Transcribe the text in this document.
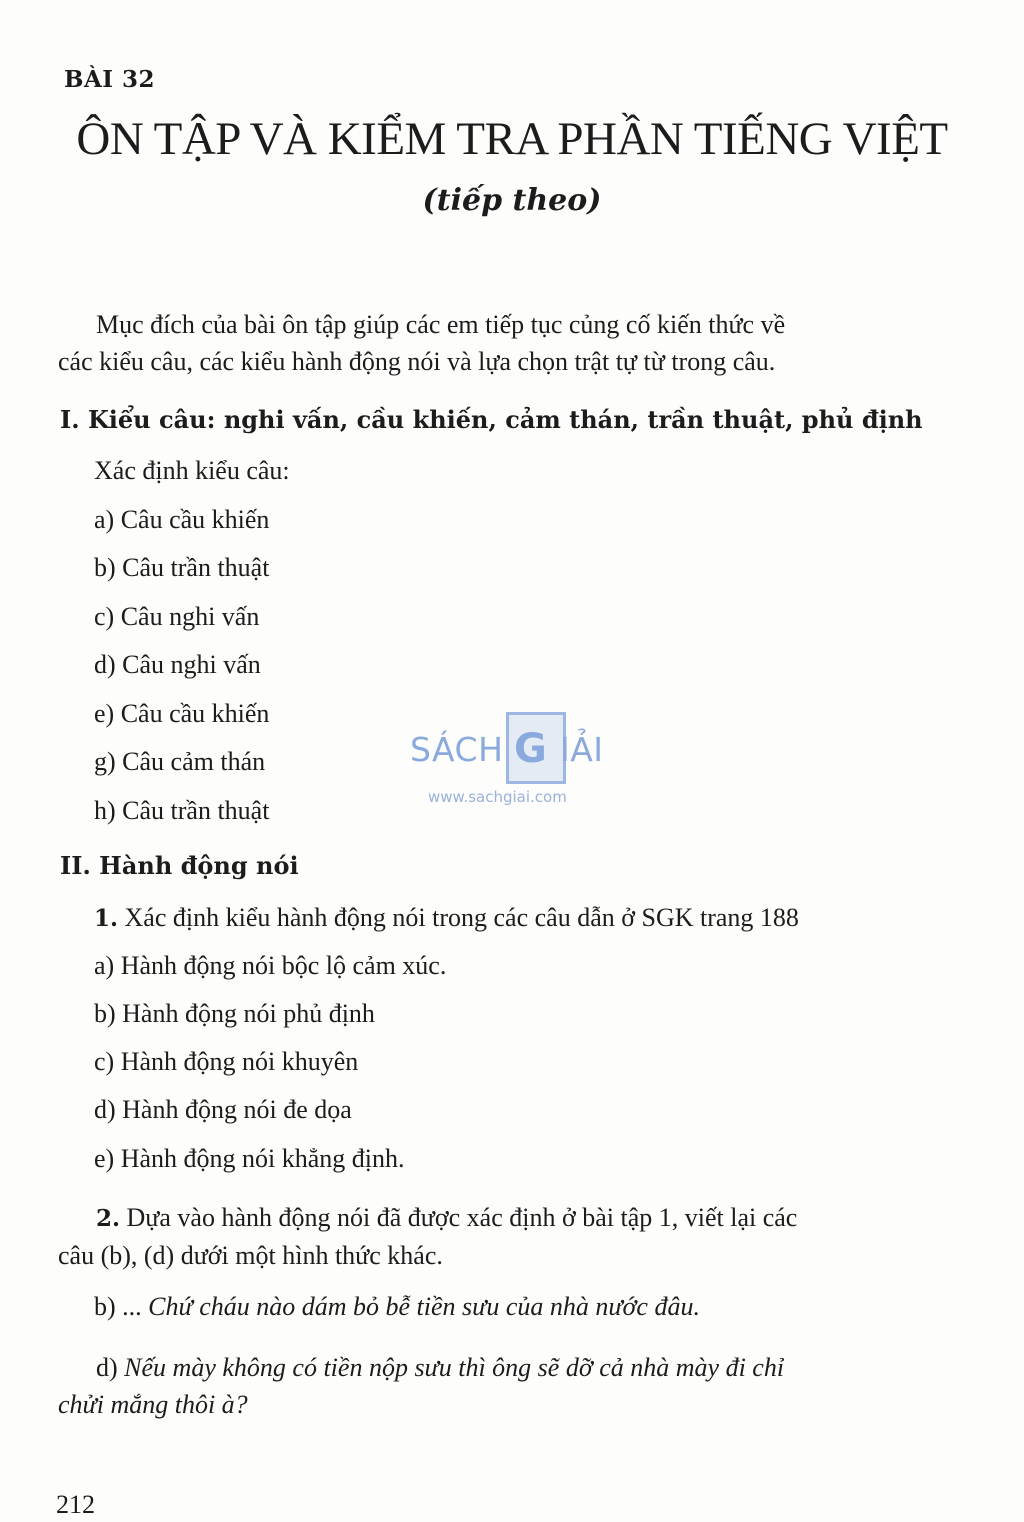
BÀI 32
ÔN TẬP VÀ KIỂM TRA PHẦN TIẾNG VIỆT
(tiếp theo)
Mục đích của bài ôn tập giúp các em tiếp tục củng cố kiến thức về
các kiểu câu, các kiểu hành động nói và lựa chọn trật tự từ trong câu.
I. Kiểu câu: nghi vấn, cầu khiến, cảm thán, trần thuật, phủ định
Xác định kiểu câu:
a) Câu cầu khiến
b) Câu trần thuật
c) Câu nghi vấn
d) Câu nghi vấn
e) Câu cầu khiến
g) Câu cảm thán
h) Câu trần thuật
SÁCH G IẢI
www.sachgiai.com
II. Hành động nói
1. Xác định kiểu hành động nói trong các câu dẫn ở SGK trang 188
a) Hành động nói bộc lộ cảm xúc.
b) Hành động nói phủ định
c) Hành động nói khuyên
d) Hành động nói đe dọa
e) Hành động nói khẳng định.
2. Dựa vào hành động nói đã được xác định ở bài tập 1, viết lại các
câu (b), (d) dưới một hình thức khác.
b) ... Chứ cháu nào dám bỏ bễ tiền sưu của nhà nước đâu.
d) Nếu mày không có tiền nộp sưu thì ông sẽ dỡ cả nhà mày đi chỉ
chửi mắng thôi à?
212
